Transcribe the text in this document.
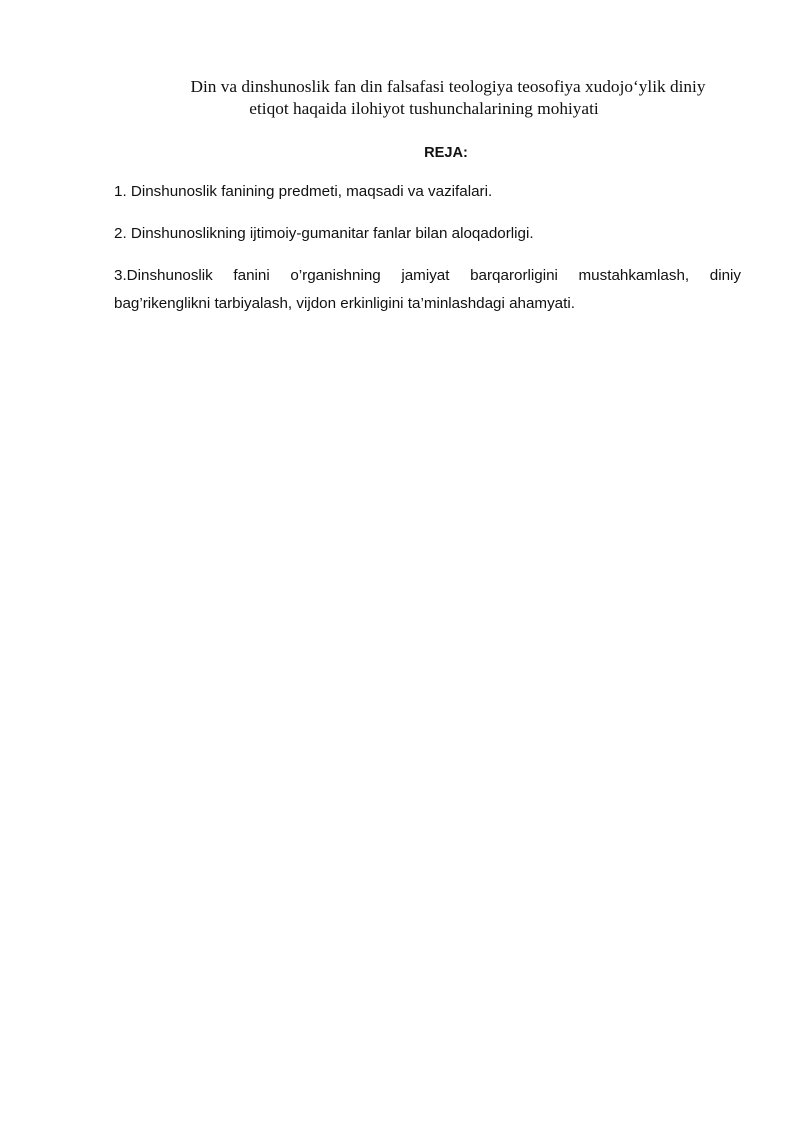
Din va dinshunoslik fan din falsafasi teologiya teosofiya xudojo‘ylik diniy
etiqot haqaida ilohiyot tushunchalarining mohiyati
REJA:

1. Dinshunoslik fanining predmeti, maqsadi va vazifalari.

2. Dinshunoslikning ijtimoiy-gumanitar fanlar bilan aloqadorligi.

3.Dinshunoslik fanini o’rganishning jamiyat barqarorligini mustahkamlash, diniy bag’rikenglikni tarbiyalash, vijdon erkinligini ta’minlashdagi ahamyati.
